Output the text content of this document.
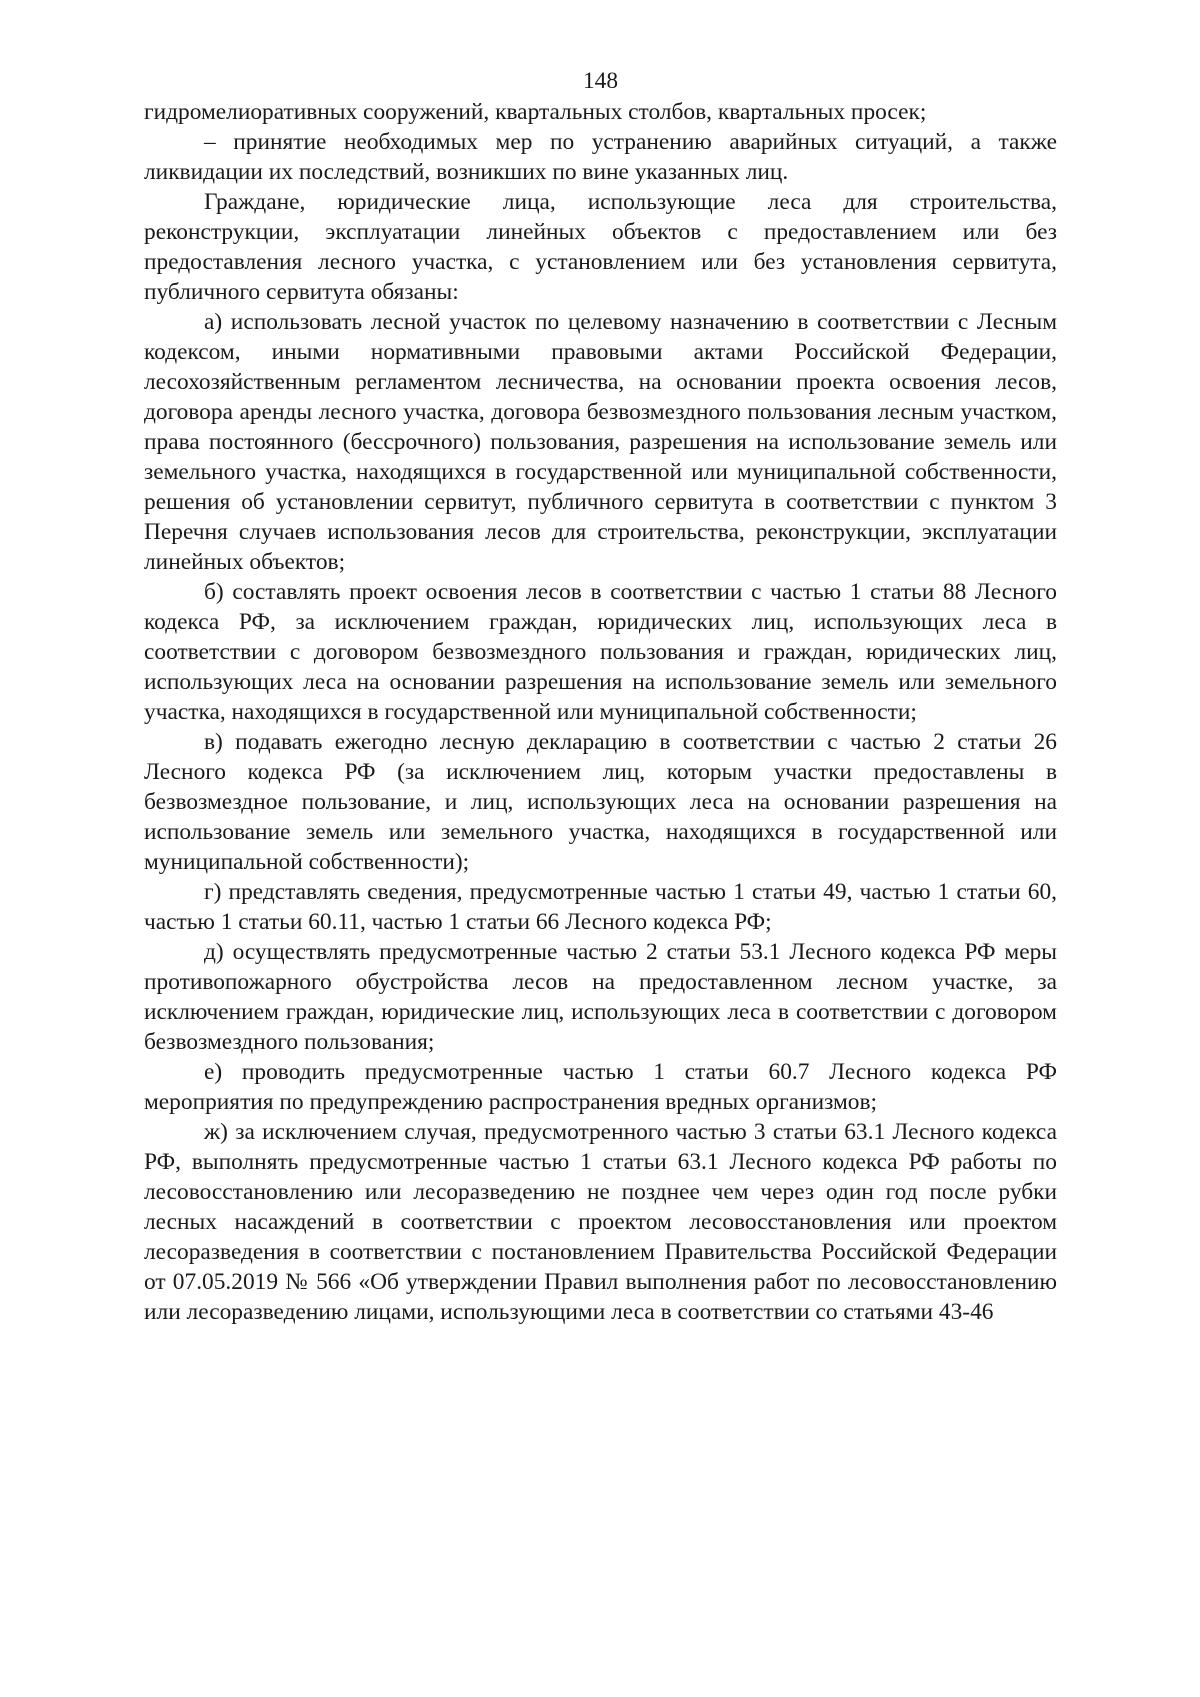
148

гидромелиоративных сооружений, квартальных столбов, квартальных просек;

– принятие необходимых мер по устранению аварийных ситуаций, а также ликвидации их последствий, возникших по вине указанных лиц.

Граждане, юридические лица, использующие леса для строительства, реконструкции, эксплуатации линейных объектов с предоставлением или без предоставления лесного участка, с установлением или без установления сервитута, публичного сервитута обязаны:

а) использовать лесной участок по целевому назначению в соответствии с Лесным кодексом, иными нормативными правовыми актами Российской Федерации, лесохозяйственным регламентом лесничества, на основании проекта освоения лесов, договора аренды лесного участка, договора безвозмездного пользования лесным участком, права постоянного (бессрочного) пользования, разрешения на использование земель или земельного участка, находящихся в государственной или муниципальной собственности, решения об установлении сервитут, публичного сервитута в соответствии с пунктом 3 Перечня случаев использования лесов для строительства, реконструкции, эксплуатации линейных объектов;

б) составлять проект освоения лесов в соответствии с частью 1 статьи 88 Лесного кодекса РФ, за исключением граждан, юридических лиц, использующих леса в соответствии с договором безвозмездного пользования и граждан, юридических лиц, использующих леса на основании разрешения на использование земель или земельного участка, находящихся в государственной или муниципальной собственности;

в) подавать ежегодно лесную декларацию в соответствии с частью 2 статьи 26 Лесного кодекса РФ (за исключением лиц, которым участки предоставлены в безвозмездное пользование, и лиц, использующих леса на основании разрешения на использование земель или земельного участка, находящихся в государственной или муниципальной собственности);

г) представлять сведения, предусмотренные частью 1 статьи 49, частью 1 статьи 60, частью 1 статьи 60.11, частью 1 статьи 66 Лесного кодекса РФ;

д) осуществлять предусмотренные частью 2 статьи 53.1 Лесного кодекса РФ меры противопожарного обустройства лесов на предоставленном лесном участке, за исключением граждан, юридические лиц, использующих леса в соответствии с договором безвозмездного пользования;

е) проводить предусмотренные частью 1 статьи 60.7 Лесного кодекса РФ мероприятия по предупреждению распространения вредных организмов;

ж) за исключением случая, предусмотренного частью 3 статьи 63.1 Лесного кодекса РФ, выполнять предусмотренные частью 1 статьи 63.1 Лесного кодекса РФ работы по лесовосстановлению или лесоразведению не позднее чем через один год после рубки лесных насаждений в соответствии с проектом лесовосстановления или проектом лесоразведения в соответствии с постановлением Правительства Российской Федерации от 07.05.2019 № 566 «Об утверждении Правил выполнения работ по лесовосстановлению или лесоразведению лицами, использующими леса в соответствии со статьями 43-46
